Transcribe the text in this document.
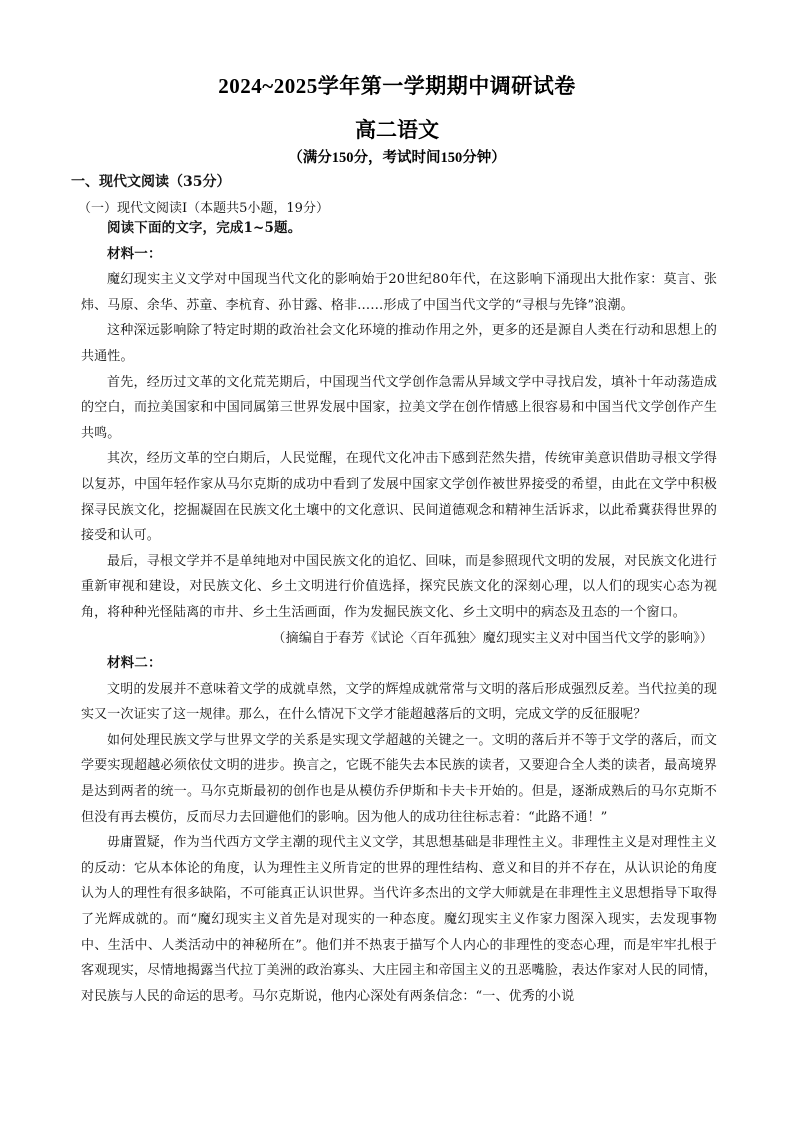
2024~2025学年第一学期期中调研试卷
高二语文
（满分150分，考试时间150分钟）
一、现代文阅读（35分）
（一）现代文阅读Ⅰ（本题共5小题，19分）

阅读下面的文字，完成1~5题。

材料一：

魔幻现实主义文学对中国现当代文化的影响始于20世纪80年代，在这影响下涌现出大批作家：莫言、张炜、马原、余华、苏童、李杭育、孙甘露、格非……形成了中国当代文学的“寻根与先锋”浪潮。

这种深远影响除了特定时期的政治社会文化环境的推动作用之外，更多的还是源自人类在行动和思想上的共通性。

首先，经历过文革的文化荒芜期后，中国现当代文学创作急需从异域文学中寻找启发，填补十年动荡造成的空白，而拉美国家和中国同属第三世界发展中国家，拉美文学在创作情感上很容易和中国当代文学创作产生共鸣。

其次，经历文革的空白期后，人民觉醒，在现代文化冲击下感到茫然失措，传统审美意识借助寻根文学得以复苏，中国年轻作家从马尔克斯的成功中看到了发展中国家文学创作被世界接受的希望，由此在文学中积极探寻民族文化，挖掘凝固在民族文化土壤中的文化意识、民间道德观念和精神生活诉求，以此希冀获得世界的接受和认可。

最后，寻根文学并不是单纯地对中国民族文化的追忆、回味，而是参照现代文明的发展，对民族文化进行重新审视和建设，对民族文化、乡土文明进行价值选择，探究民族文化的深刻心理，以人们的现实心态为视角，将种种光怪陆离的市井、乡土生活画面，作为发掘民族文化、乡土文明中的病态及丑态的一个窗口。

（摘编自于春芳《试论〈百年孤独〉魔幻现实主义对中国当代文学的影响》）

材料二：

文明的发展并不意味着文学的成就卓然，文学的辉煌成就常常与文明的落后形成强烈反差。当代拉美的现实又一次证实了这一规律。那么，在什么情况下文学才能超越落后的文明，完成文学的反征服呢？

如何处理民族文学与世界文学的关系是实现文学超越的关键之一。文明的落后并不等于文学的落后，而文学要实现超越必须依仗文明的进步。换言之，它既不能失去本民族的读者，又要迎合全人类的读者，最高境界是达到两者的统一。马尔克斯最初的创作也是从模仿乔伊斯和卡夫卡开始的。但是，逐渐成熟后的马尔克斯不但没有再去模仿，反而尽力去回避他们的影响。因为他人的成功往往标志着：“此路不通！”

毋庸置疑，作为当代西方文学主潮的现代主义文学，其思想基础是非理性主义。非理性主义是对理性主义的反动：它从本体论的角度，认为理性主义所肯定的世界的理性结构、意义和目的并不存在，从认识论的角度认为人的理性有很多缺陷，不可能真正认识世界。当代许多杰出的文学大师就是在非理性主义思想指导下取得了光辉成就的。而“魔幻现实主义首先是对现实的一种态度。魔幻现实主义作家力图深入现实，去发现事物中、生活中、人类活动中的神秘所在”。他们并不热衷于描写个人内心的非理性的变态心理，而是牢牢扎根于客观现实，尽情地揭露当代拉丁美洲的政治寡头、大庄园主和帝国主义的丑恶嘴脸，表达作家对人民的同情，对民族与人民的命运的思考。马尔克斯说，他内心深处有两条信念：“一、优秀的小说
